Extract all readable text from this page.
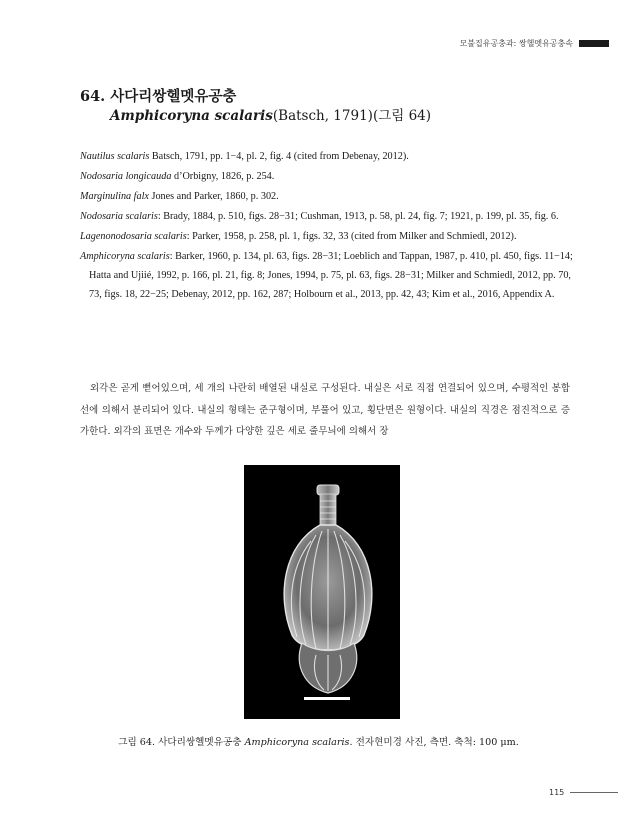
모불집유공충과: 쌍헬멧유공충속
64. 사다리쌍헬멧유공충
Amphicoryna scalaris(Batsch, 1791)(그림 64)

Nautilus scalaris Batsch, 1791, pp. 1−4, pl. 2, fig. 4 (cited from Debenay, 2012).

Nodosaria longicauda d’Orbigny, 1826, p. 254.

Marginulina falx Jones and Parker, 1860, p. 302.

Nodosaria scalaris: Brady, 1884, p. 510, figs. 28−31; Cushman, 1913, p. 58, pl. 24, fig. 7; 1921, p. 199, pl. 35, fig. 6.

Lagenonodosaria scalaris: Parker, 1958, p. 258, pl. 1, figs. 32, 33 (cited from Milker and Schmiedl, 2012).

Amphicoryna scalaris: Barker, 1960, p. 134, pl. 63, figs. 28−31; Loeblich and Tappan, 1987, p. 410, pl. 450, figs. 11−14; Hatta and Ujiié, 1992, p. 166, pl. 21, fig. 8; Jones, 1994, p. 75, pl. 63, figs. 28−31; Milker and Schmiedl, 2012, pp. 70, 73, figs. 18, 22−25; Debenay, 2012, pp. 162, 287; Holbourn et al., 2013, pp. 42, 43; Kim et al., 2016, Appendix A.

외각은 곧게 뻗어있으며, 세 개의 나란히 배열된 내실로 구성된다. 내실은 서로 직접 연결되어 있으며, 수평적인 봉합선에 의해서 분리되어 있다. 내실의 형태는 준구형이며, 부풀어 있고, 횡단면은 원형이다. 내실의 직경은 점진적으로 증가한다. 외각의 표면은 개수와 두께가 다양한 깊은 세로 줄무늬에 의해서 장

그림 64. 사다리쌍헬멧유공충 Amphicoryna scalaris. 전자현미경 사진, 측면. 축척: 100 μm.
115
